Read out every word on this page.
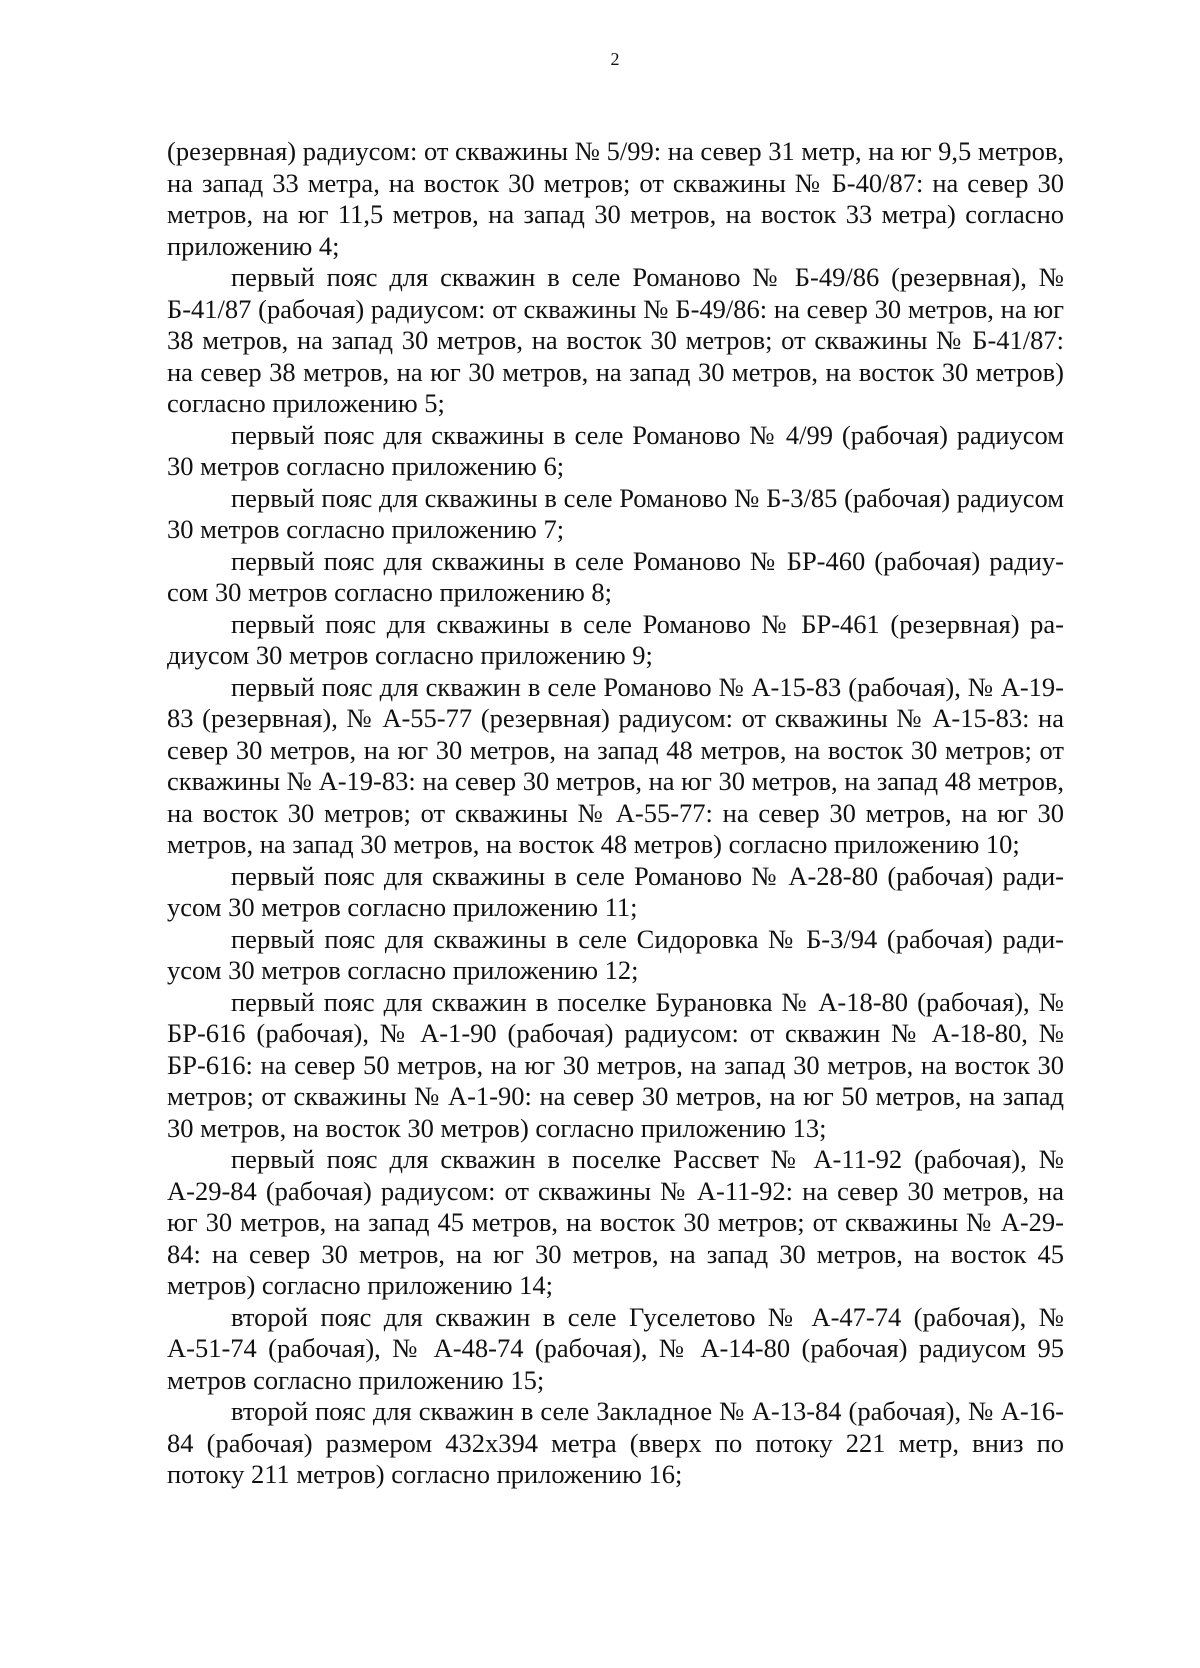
2

(резервная) радиусом: от скважины № 5/99: на север 31 метр, на юг 9,5 метров, на запад 33 метра, на восток 30 метров; от скважины № Б-40/87: на север 30 метров, на юг 11,5 метров, на запад 30 метров, на восток 33 метра) согласно приложению 4;

первый пояс для скважин в селе Романово № Б-49/86 (резервная), № Б-41/87 (рабочая) радиусом: от скважины № Б-49/86: на север 30 метров, на юг 38 метров, на запад 30 метров, на восток 30 метров; от скважины № Б-41/87: на север 38 метров, на юг 30 метров, на запад 30 метров, на восток 30 метров) согласно приложению 5;

первый пояс для скважины в селе Романово № 4/99 (рабочая) радиусом 30 метров согласно приложению 6;

первый пояс для скважины в селе Романово № Б-3/85 (рабочая) радиусом 30 метров согласно приложению 7;

первый пояс для скважины в селе Романово № БР-460 (рабочая) радиусом 30 метров согласно приложению 8;

первый пояс для скважины в селе Романово № БР-461 (резервная) радиусом 30 метров согласно приложению 9;

первый пояс для скважин в селе Романово № А-15-83 (рабочая), № А-19-83 (резервная), № А-55-77 (резервная) радиусом: от скважины № А-15-83: на север 30 метров, на юг 30 метров, на запад 48 метров, на восток 30 метров; от скважины № А-19-83: на север 30 метров, на юг 30 метров, на запад 48 метров, на восток 30 метров; от скважины № А-55-77: на север 30 метров, на юг 30 метров, на запад 30 метров, на восток 48 метров) согласно приложению 10;

первый пояс для скважины в селе Романово № А-28-80 (рабочая) радиусом 30 метров согласно приложению 11;

первый пояс для скважины в селе Сидоровка № Б-3/94 (рабочая) радиусом 30 метров согласно приложению 12;

первый пояс для скважин в поселке Бурановка № А-18-80 (рабочая), № БР-616 (рабочая), № А-1-90 (рабочая) радиусом: от скважин № А-18-80, № БР-616: на север 50 метров, на юг 30 метров, на запад 30 метров, на восток 30 метров; от скважины № А-1-90: на север 30 метров, на юг 50 метров, на запад 30 метров, на восток 30 метров) согласно приложению 13;

первый пояс для скважин в поселке Рассвет № А-11-92 (рабочая), № А-29-84 (рабочая) радиусом: от скважины № А-11-92: на север 30 метров, на юг 30 метров, на запад 45 метров, на восток 30 метров; от скважины № А-29-84: на север 30 метров, на юг 30 метров, на запад 30 метров, на восток 45 метров) согласно приложению 14;

второй пояс для скважин в селе Гуселетово № А-47-74 (рабочая), № А-51-74 (рабочая), № А-48-74 (рабочая), № А-14-80 (рабочая) радиусом 95 метров согласно приложению 15;

второй пояс для скважин в селе Закладное № А-13-84 (рабочая), № А-16-84 (рабочая) размером 432х394 метра (вверх по потоку 221 метр, вниз по потоку 211 метров) согласно приложению 16;
